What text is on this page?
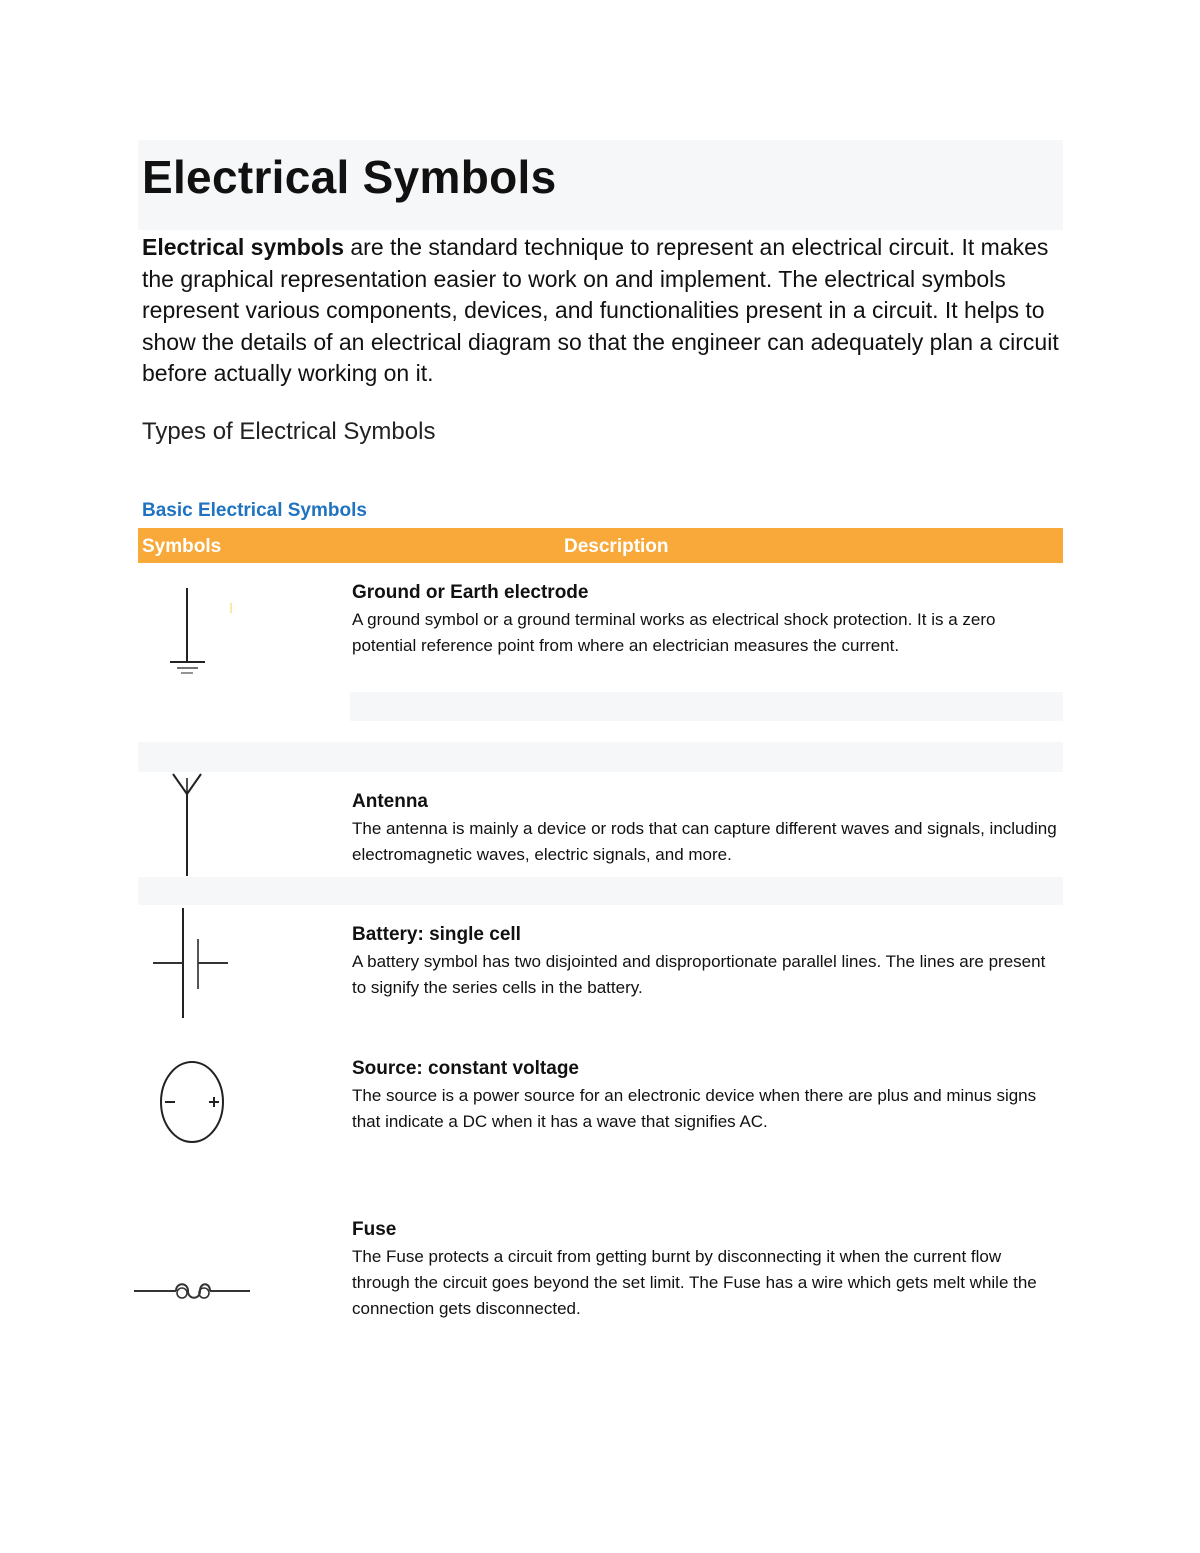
Electrical Symbols

Electrical symbols are the standard technique to represent an electrical circuit. It makes the graphical representation easier to work on and implement. The electrical symbols represent various components, devices, and functionalities present in a circuit. It helps to show the details of an electrical diagram so that the engineer can adequately plan a circuit before actually working on it.

Types of Electrical Symbols
Basic Electrical Symbols
Symbols	Description

Ground or Earth electrode

A ground symbol or a ground terminal works as electrical shock protection. It is a zero potential reference point from where an electrician measures the current.

Antenna

The antenna is mainly a device or rods that can capture different waves and signals, including electromagnetic waves, electric signals, and more.

Battery: single cell

A battery symbol has two disjointed and disproportionate parallel lines. The lines are present to signify the series cells in the battery.

Source: constant voltage

The source is a power source for an electronic device when there are plus and minus signs that indicate a DC when it has a wave that signifies AC.

Fuse

The Fuse protects a circuit from getting burnt by disconnecting it when the current flow through the circuit goes beyond the set limit. The Fuse has a wire which gets melt while the connection gets disconnected.
